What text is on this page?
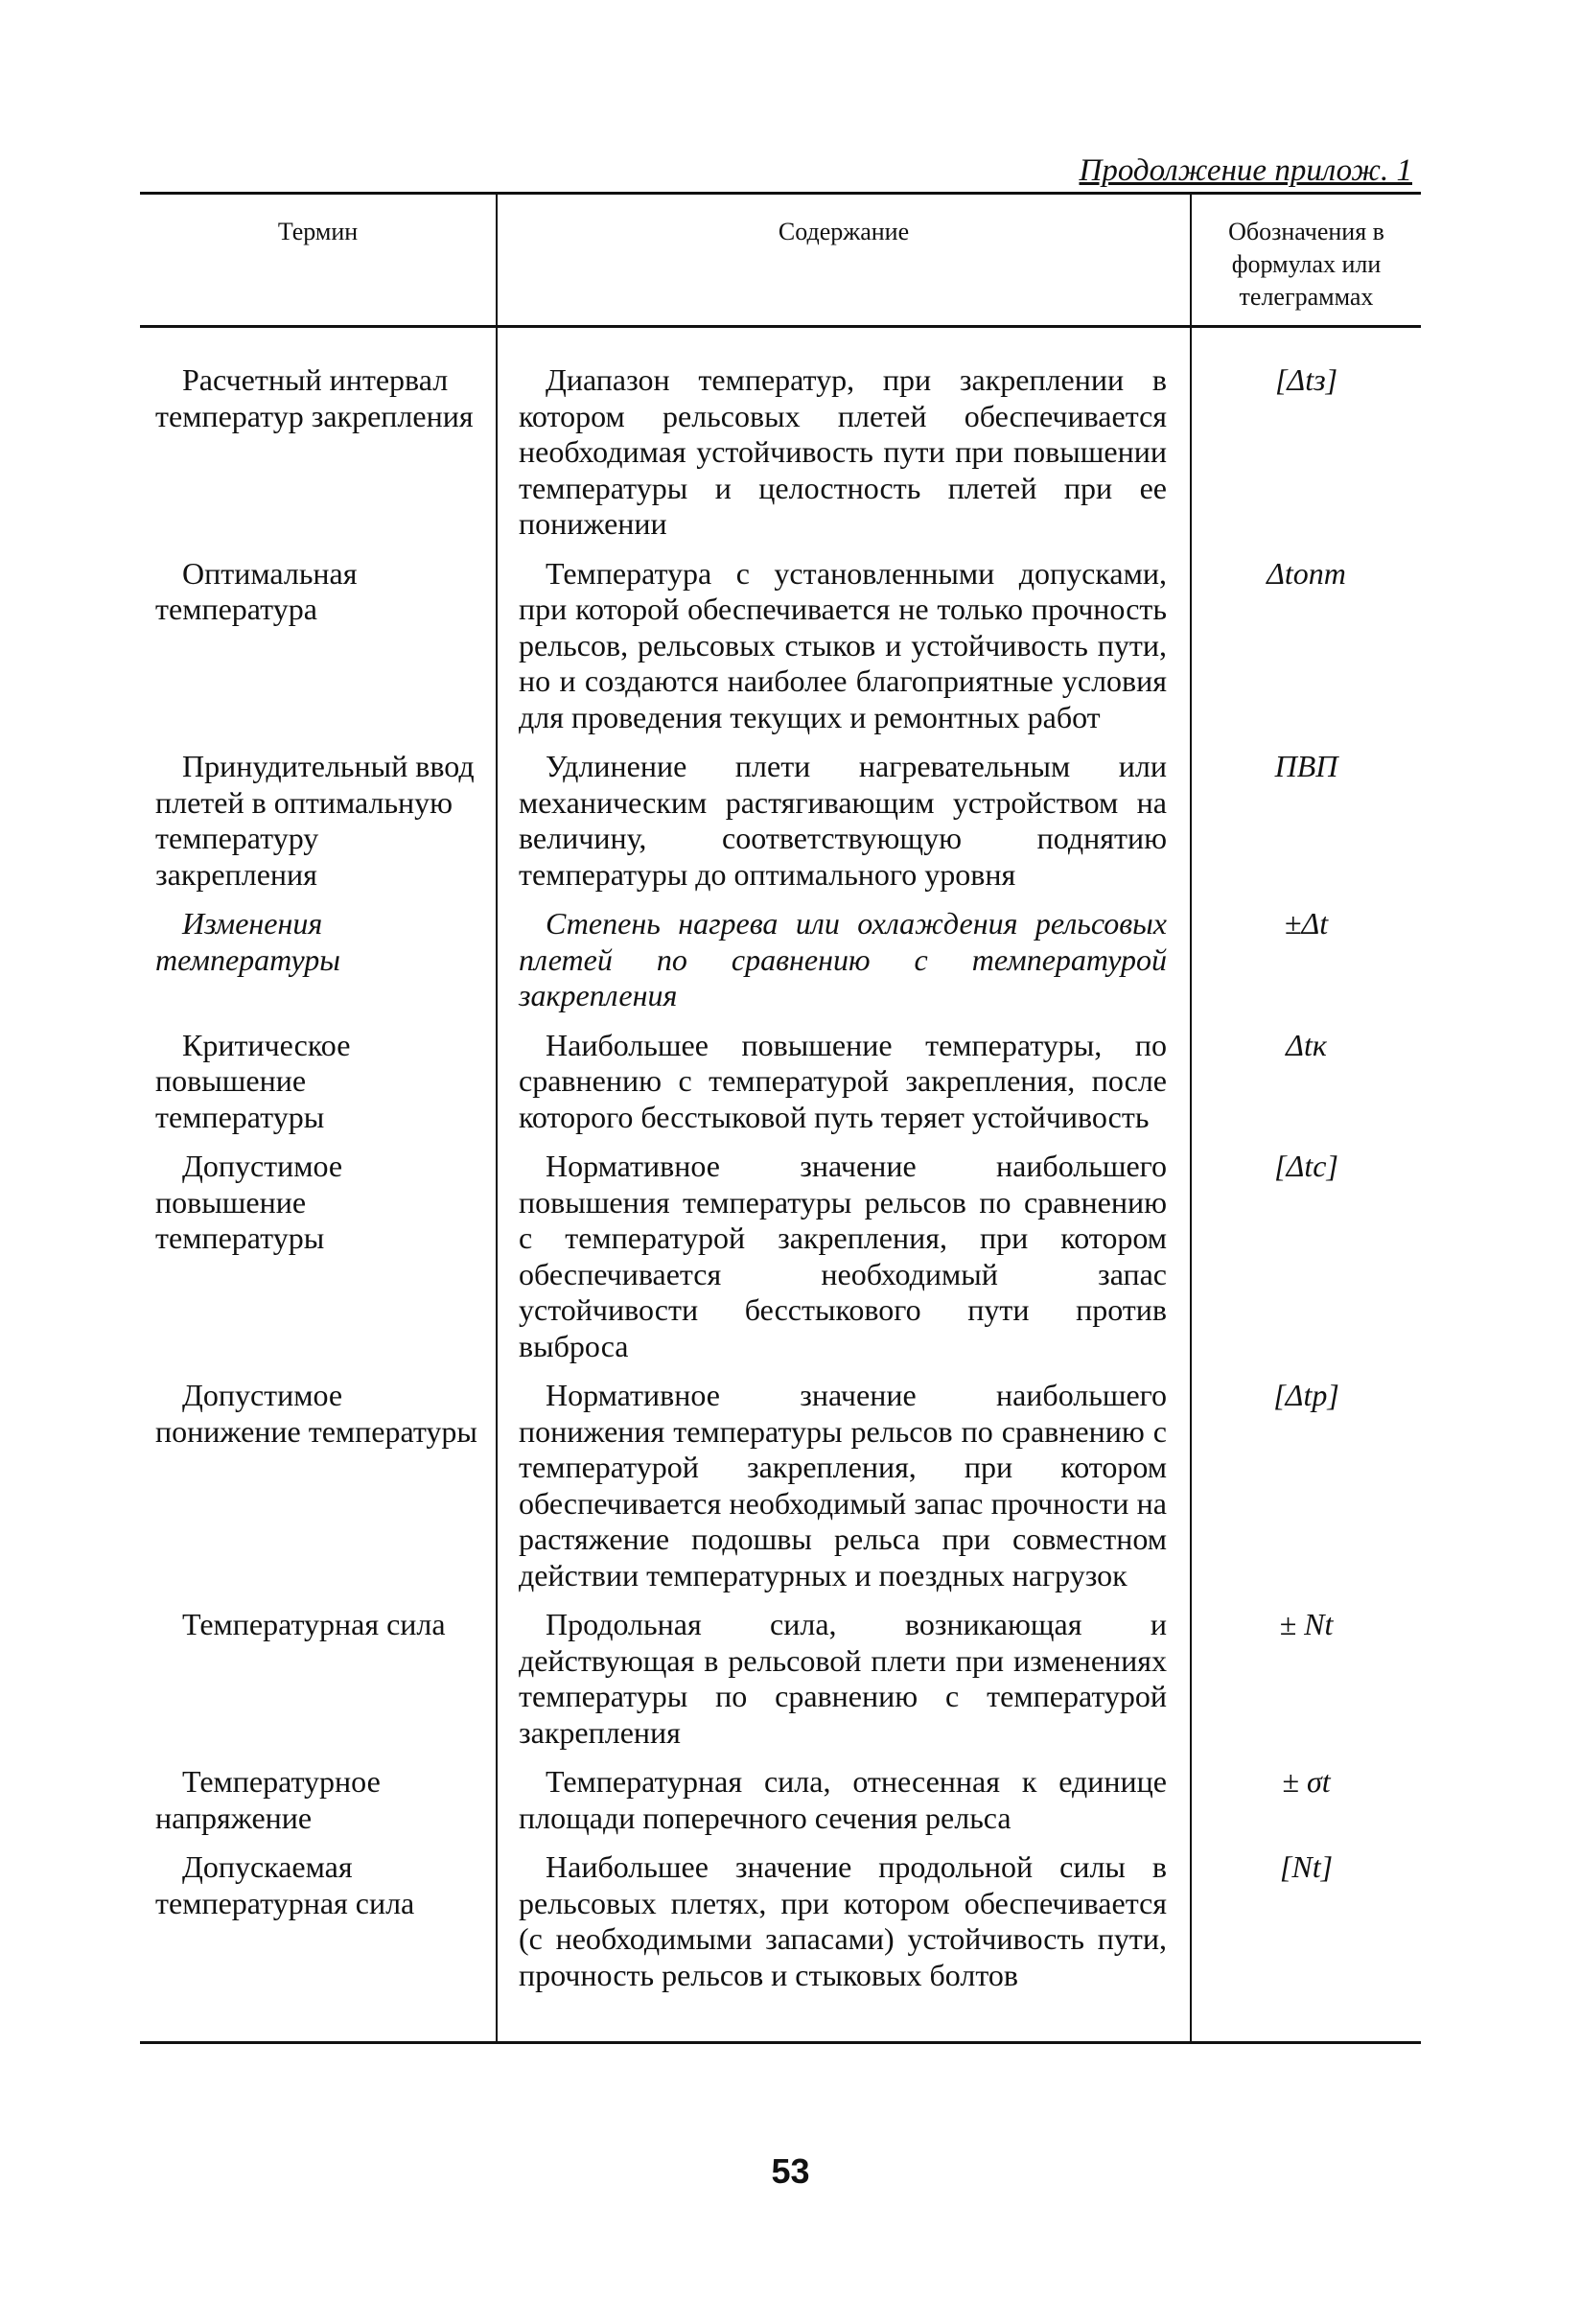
Продолжение прилож. 1
Термин	Содержание	Обозначения в формулах или телеграммах

Расчетный интервал температур закрепления	Диапазон температур, при закреплении в котором рельсовых плетей обеспечивается необходимая устойчивость пути при повышении температуры и целостность плетей при ее понижении	[Δtз]

Оптимальная температура	Температура с установленными допусками, при которой обеспечивается не только прочность рельсов, рельсовых стыков и устойчивость пути, но и создаются наиболее благоприятные условия для проведения текущих и ремонтных работ	Δtопт

Принудительный ввод плетей в оптимальную температуру закрепления	Удлинение плети нагревательным или механическим растягивающим устройством на величину, соответствующую поднятию температуры до оптимального уровня	ПВП

Изменения температуры	Степень нагрева или охлаждения рельсовых плетей по сравнению с температурой закрепления	±Δt

Критическое повышение температуры	Наибольшее повышение температуры, по сравнению с температурой закрепления, после которого бесстыковой путь теряет устойчивость	Δtк

Допустимое повышение температуры	Нормативное значение наибольшего повышения температуры рельсов по сравнению с температурой закрепления, при котором обеспечивается необходимый запас устойчивости бесстыкового пути против выброса	[Δtс]

Допустимое понижение температуры	Нормативное значение наибольшего понижения температуры рельсов по сравнению с температурой закрепления, при котором обеспечивается необходимый запас прочности на растяжение подошвы рельса при совместном действии температурных и поездных нагрузок	[Δtр]

Температурная сила	Продольная сила, возникающая и действующая в рельсовой плети при изменениях температуры по сравнению с температурой закрепления	± Nt

Температурное напряжение	Температурная сила, отнесенная к единице площади поперечного сечения рельса	± σt

Допускаемая температурная сила	Наибольшее значение продольной силы в рельсовых плетях, при котором обеспечивается (с необходимыми запасами) устойчивость пути, прочность рельсов и стыковых болтов	[Nt]
53
